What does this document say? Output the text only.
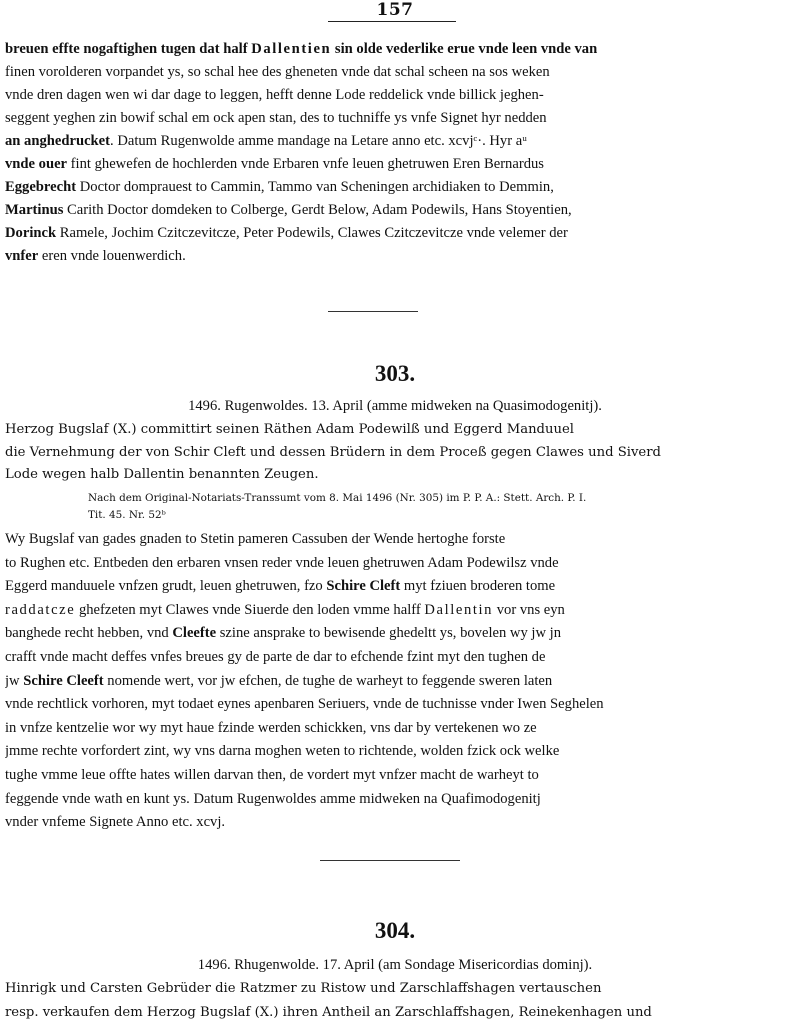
157
breuen effte nogaftighen tugen dat half Dallentien sin olde vederlike erue vnde leen vnde van
finen vorolderen vorpandet ys, so schal hee des gheneten vnde dat schal scheen na sos weken
vnde dren dagen wen wi dar dage to leggen, hefft denne Lode reddelick vnde billick jeghen-
seggent yeghen zin bowif schal em ock apen stan, des to tuchniffe ys vnfe Signet hyr nedden
an anghedrucket. Datum Rugenwolde amme mandage na Letare anno etc. xcvjᶜ·. Hyr aᵘ
vnde ouer fint ghewefen de hochlerden vnde Erbaren vnfe leuen ghetruwen Eren Bernardus
Eggebrecht Doctor domprauest to Cammin, Tammo van Scheningen archidiaken to Demmin,
Martinus Carith Doctor domdeken to Colberge, Gerdt Below, Adam Podewils, Hans Stoyentien,
Dorinck Ramele, Jochim Czitczevitcze, Peter Podewils, Clawes Czitczevitcze vnde velemer der
vnfer eren vnde louenwerdich.
303.
1496. Rugenwoldes. 13. April (amme midweken na Quasimodogenitj).
Herzog Bugslaf (X.) committirt seinen Räthen Adam Podewilß und Eggerd Manduuel
die Vernehmung der von Schir Cleft und dessen Brüdern in dem Proceß gegen Clawes und Siverd
Lode wegen halb Dallentin benannten Zeugen.
Nach dem Original-Notariats-Transsumt vom 8. Mai 1496 (Nr. 305) im P. P. A.: Stett. Arch. P. I.
Tit. 45. Nr. 52ᵇ
Wy Bugslaf van gades gnaden to Stetin pameren Cassuben der Wende hertoghe forste
to Rughen etc. Entbeden den erbaren vnsen reder vnde leuen ghetruwen Adam Podewilsz vnde
Eggerd manduuele vnfzen grudt, leuen ghetruwen, fzo Schire Cleft myt fziuen broderen tome
raddatcze ghefzeten myt Clawes vnde Siuerde den loden vmme halff Dallentin vor vns eyn
banghede recht hebben, vnd Cleefte szine ansprake to bewisende ghedeltt ys, bovelen wy jw jn
crafft vnde macht deffes vnfes breues gy de parte de dar to efchende fzint myt den tughen de
jw Schire Cleeft nomende wert, vor jw efchen, de tughe de warheyt to feggende sweren laten
vnde rechtlick vorhoren, myt todaet eynes apenbaren Seriuers, vnde de tuchnisse vnder Iwen Seghelen
in vnfze kentzelie wor wy myt haue fzinde werden schickken, vns dar by vertekenen wo ze
jmme rechte vorfordert zint, wy vns darna moghen weten to richtende, wolden fzick ock welke
tughe vmme leue offte hates willen darvan then, de vordert myt vnfzer macht de warheyt to
feggende vnde wath en kunt ys. Datum Rugenwoldes amme midweken na Quafimodogenitj
vnder vnfeme Signete Anno etc. xcvj.
304.
1496. Rhugenwolde. 17. April (am Sondage Misericordias dominj).
Hinrigk und Carsten Gebrüder die Ratzmer zu Ristow und Zarschlaffshagen vertauschen
resp. verkaufen dem Herzog Bugslaf (X.) ihren Antheil an Zarschlaffshagen, Reinekenhagen und
